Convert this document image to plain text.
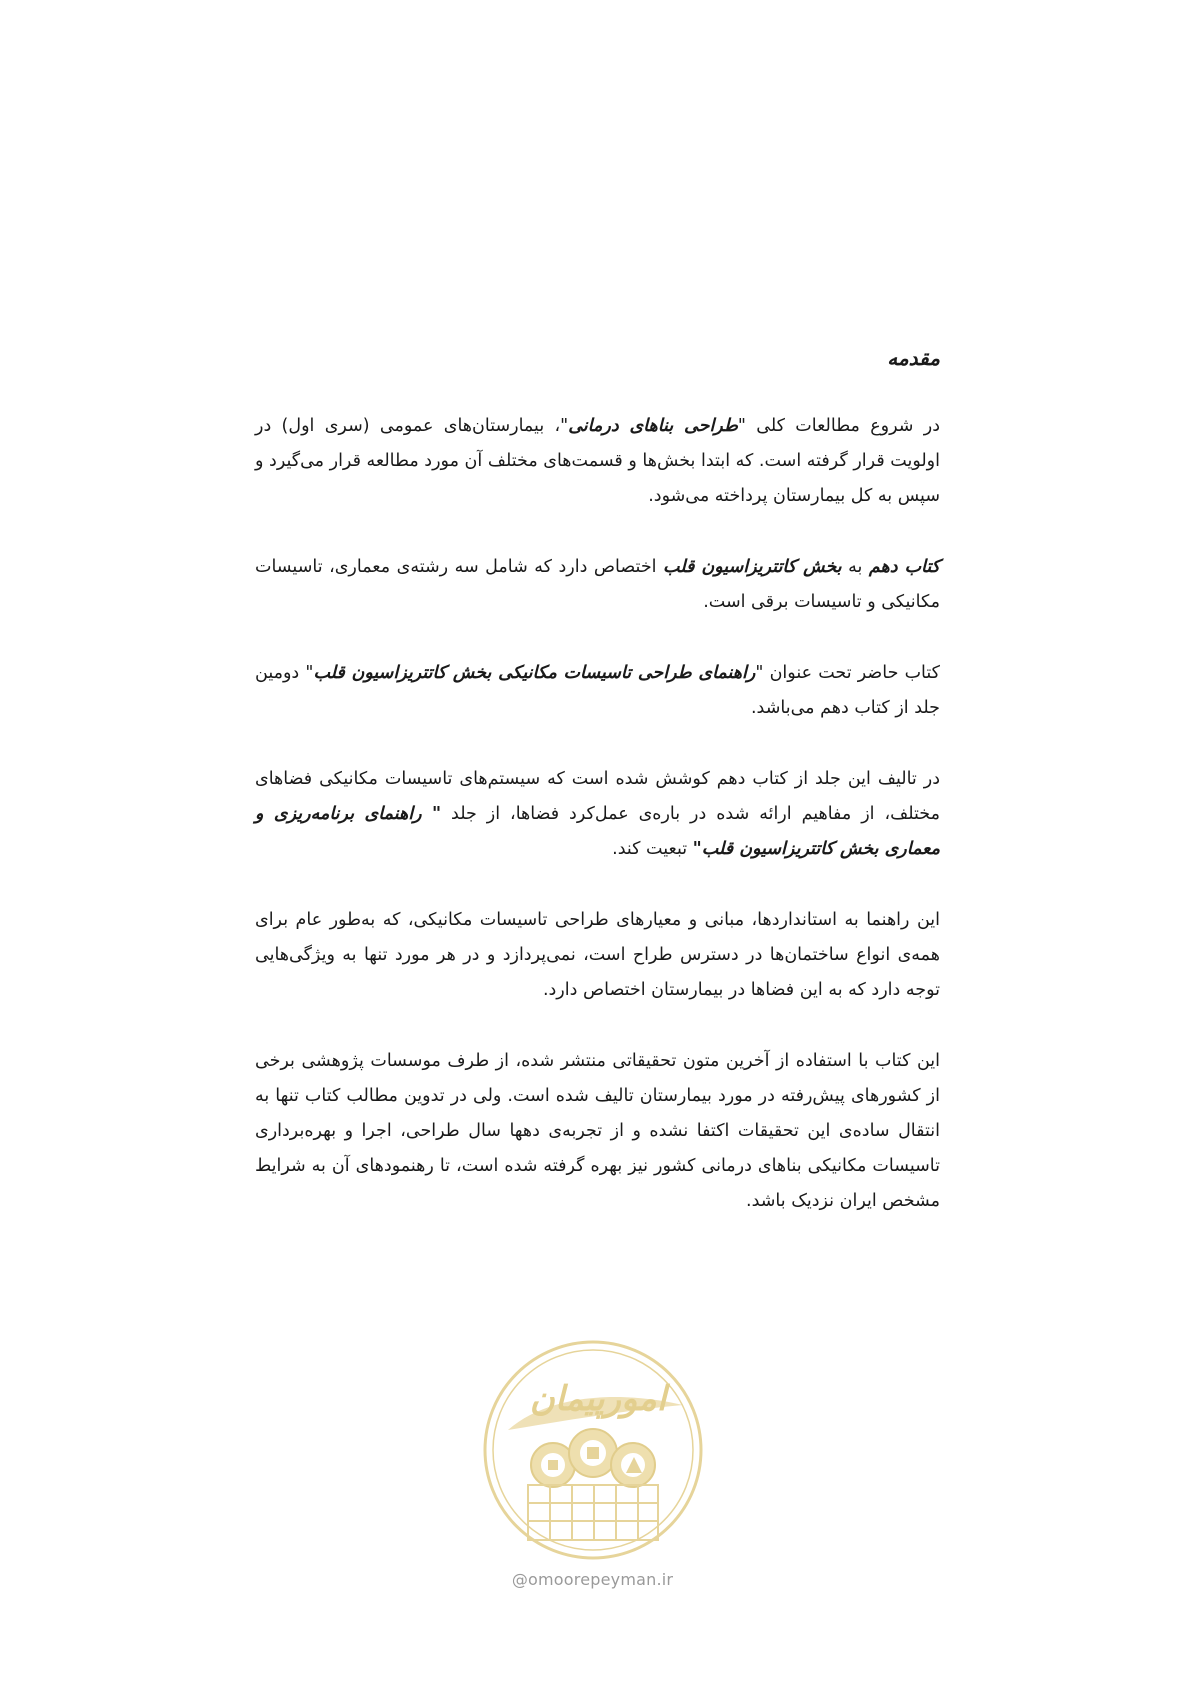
مقدمه
در شروع مطالعات کلی "طراحی بناهای درمانی"، بیمارستان‌های عمومی (سری اول) در اولویت قرار گرفته است. که ابتدا بخش‌ها و قسمت‌های مختلف آن مورد مطالعه قرار می‌گیرد و سپس به کل بیمارستان پرداخته می‌شود.
کتاب دهم به بخش کاتتریزاسیون قلب اختصاص دارد که شامل سه رشته‌ی معماری، تاسیسات مکانیکی و تاسیسات برقی است.
کتاب حاضر تحت عنوان "راهنمای طراحی تاسیسات مکانیکی بخش کاتتریزاسیون قلب" دومین جلد از کتاب دهم می‌باشد.
در تالیف این جلد از کتاب دهم کوشش شده است که سیستم‌های تاسیسات مکانیکی فضاهای مختلف، از مفاهیم ارائه شده در باره‌ی عمل‌کرد فضاها، از جلد " راهنمای برنامه‌ریزی و معماری بخش کاتتریزاسیون قلب" تبعیت کند.
این راهنما به استانداردها، مبانی و معیارهای طراحی تاسیسات مکانیکی، که به‌طور عام برای همه‌ی انواع ساختمان‌ها در دسترس طراح است، نمی‌پردازد و در هر مورد تنها به ویژگی‌هایی توجه دارد که به این فضاها در بیمارستان اختصاص دارد.
این کتاب با استفاده از آخرین متون تحقیقاتی منتشر شده، از طرف موسسات پژوهشی برخی از کشورهای پیش‌رفته در مورد بیمارستان تالیف شده است. ولی در تدوین مطالب کتاب تنها به انتقال ساده‌ی این تحقیقات اکتفا نشده و از تجربه‌ی دهها سال طراحی، اجرا و بهره‌برداری تاسیسات مکانیکی بناهای درمانی کشور نیز بهره گرفته شده است، تا رهنمودهای آن به شرایط مشخص ایران نزدیک باشد.
امورپیمان
@omoorepeyman.ir
